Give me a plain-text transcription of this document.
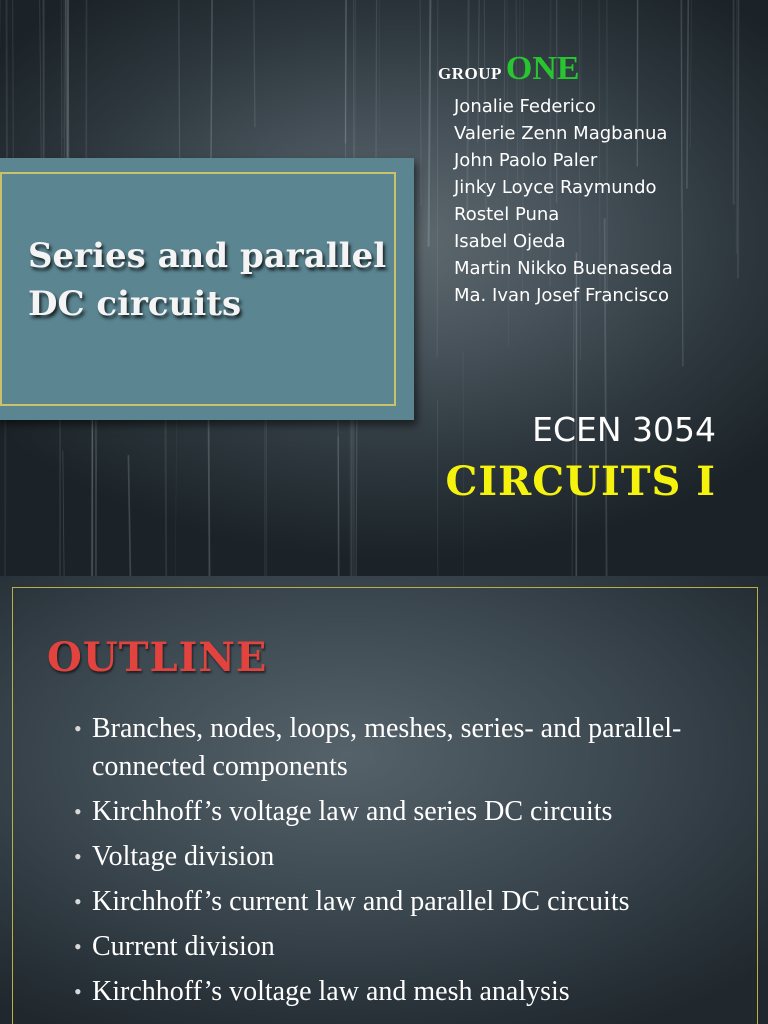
Series and parallel DC circuits

GROUP ONE

Jonalie Federico
Valerie Zenn Magbanua
John Paolo Paler
Jinky Loyce Raymundo
Rostel Puna
Isabel Ojeda
Martin Nikko Buenaseda
Ma. Ivan Josef Francisco

ECEN 3054

CIRCUITS I

OUTLINE
• Branches, nodes, loops, meshes, series- and parallel-connected components
• Kirchhoff’s voltage law and series DC circuits
• Voltage division
• Kirchhoff’s current law and parallel DC circuits
• Current division
• Kirchhoff’s voltage law and mesh analysis
